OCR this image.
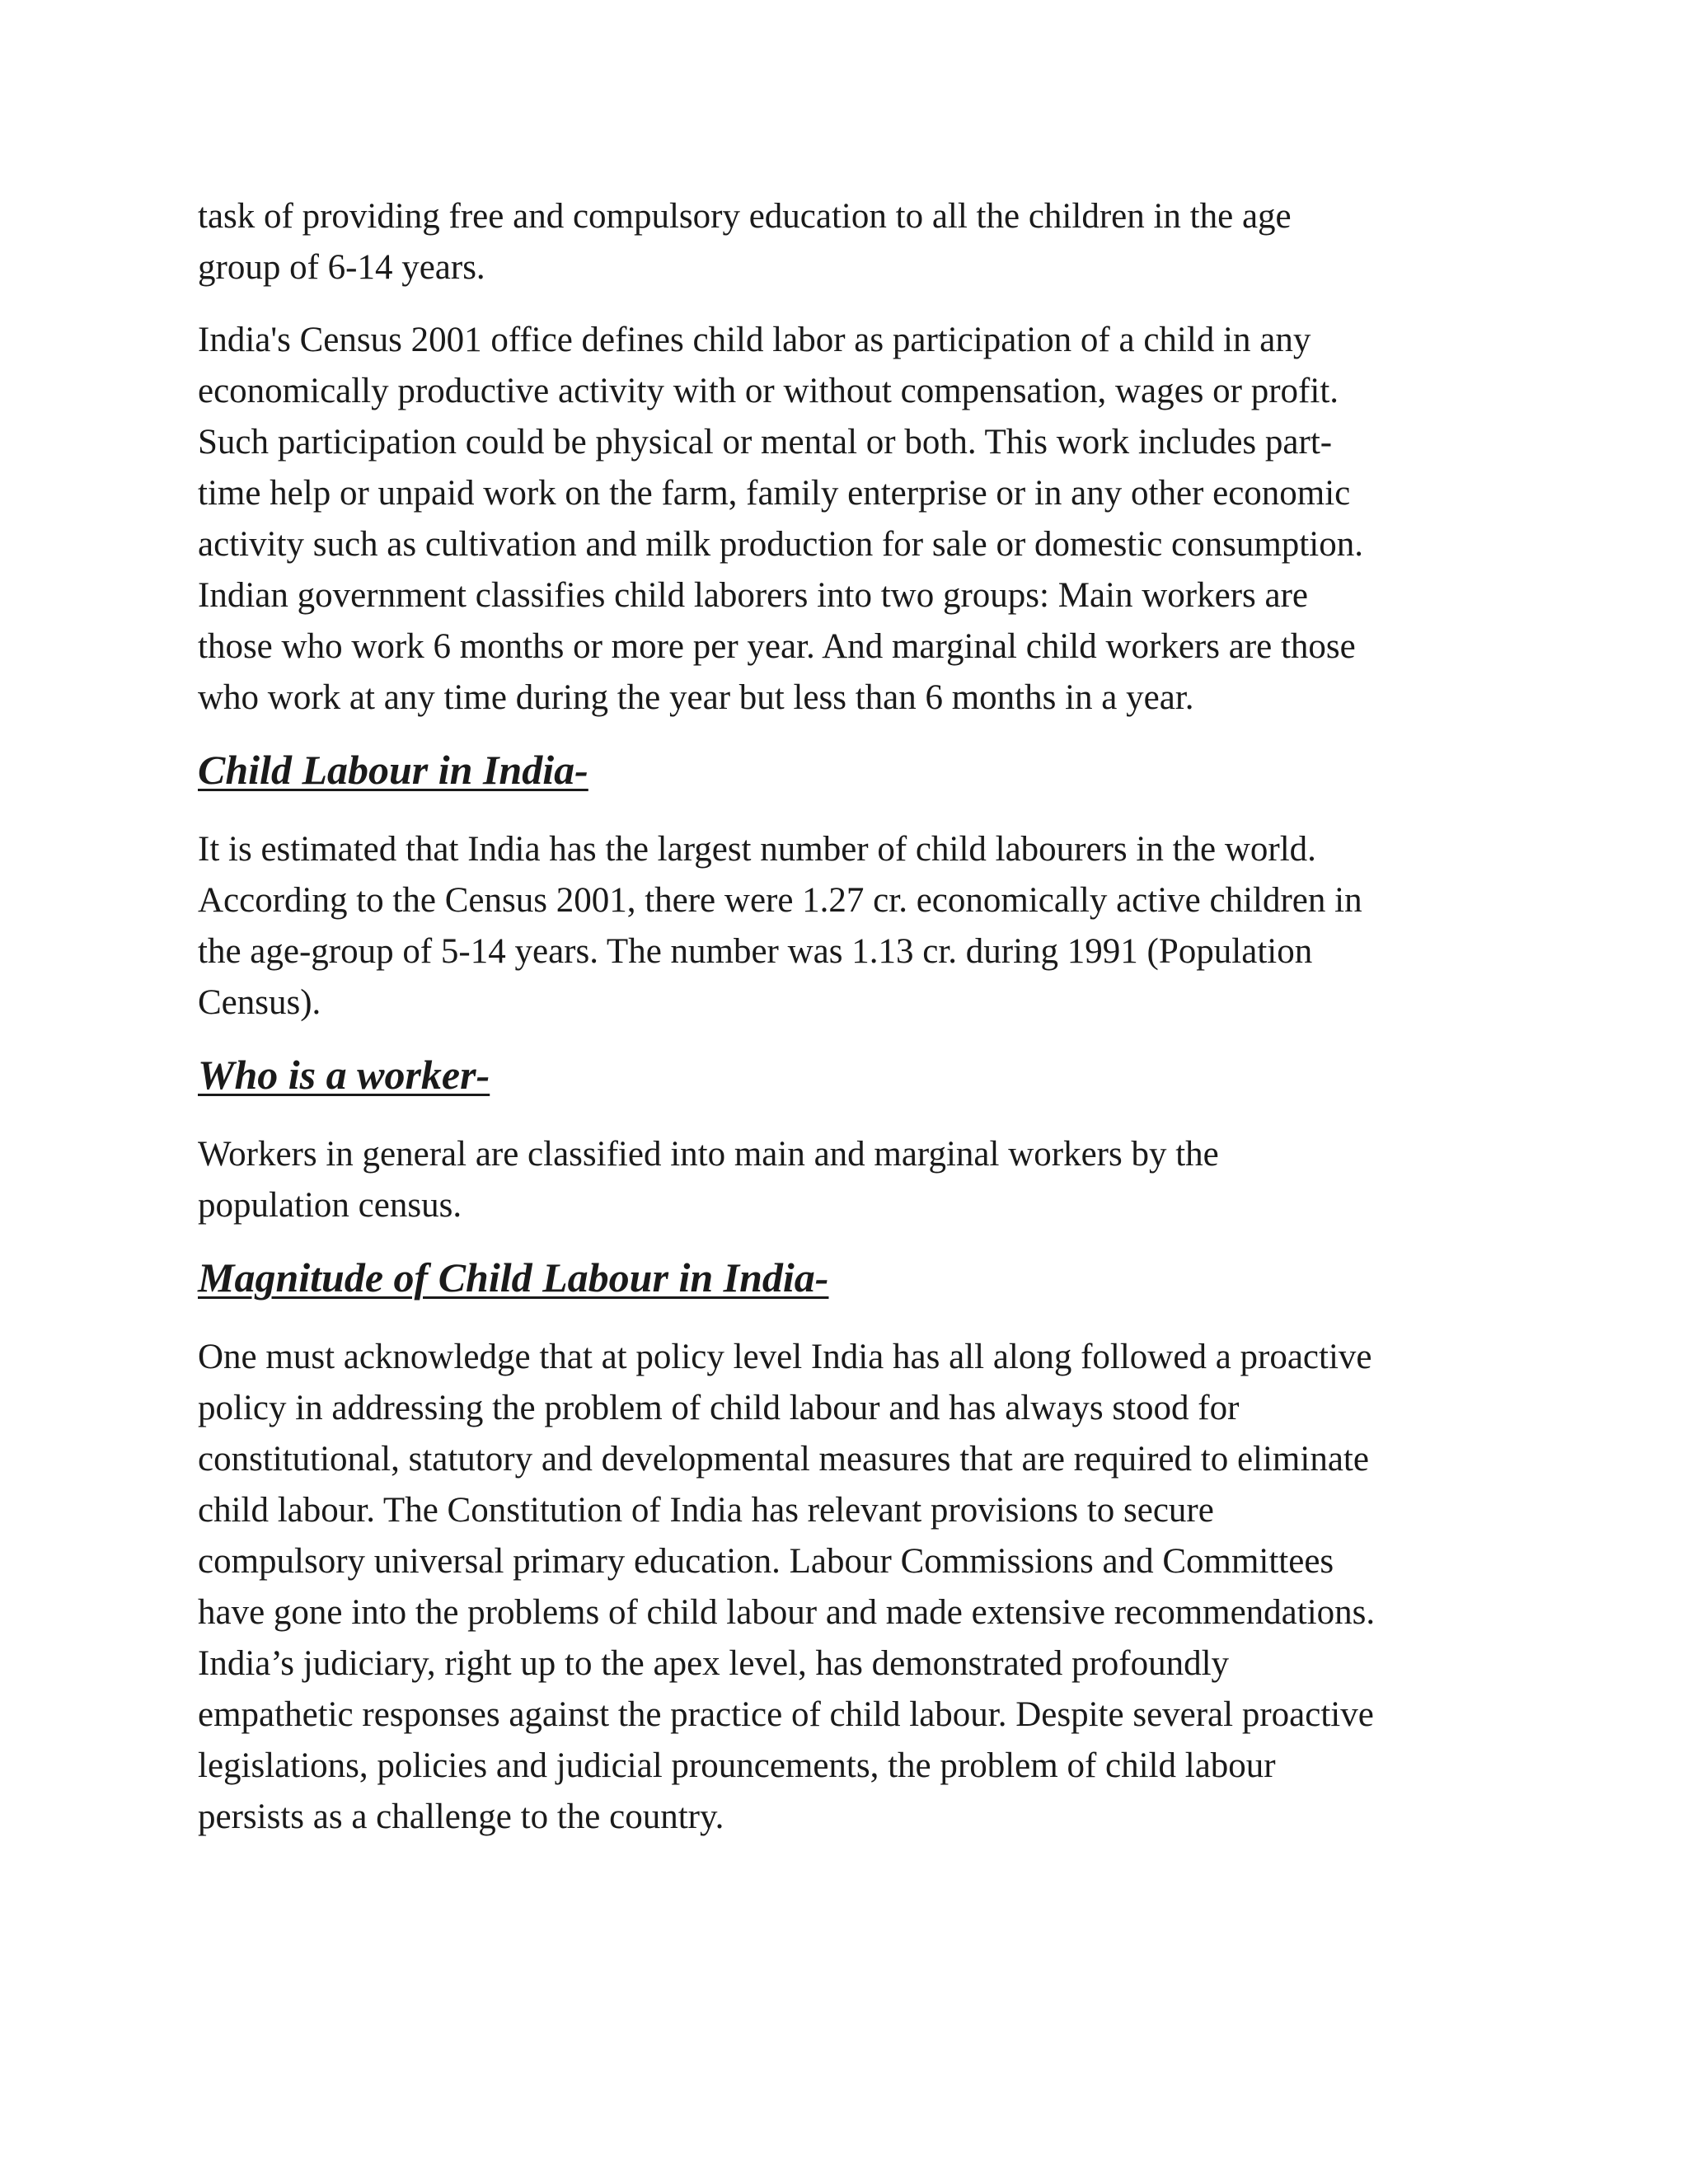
task of providing free and compulsory education to all the children in the age
group of 6-14 years.
India's Census 2001 office defines child labor as participation of a child in any
economically productive activity with or without compensation, wages or profit.
Such participation could be physical or mental or both. This work includes part-
time help or unpaid work on the farm, family enterprise or in any other economic
activity such as cultivation and milk production for sale or domestic consumption.
Indian government classifies child laborers into two groups: Main workers are
those who work 6 months or more per year. And marginal child workers are those
who work at any time during the year but less than 6 months in a year.
Child Labour in India-
It is estimated that India has the largest number of child labourers in the world.
According to the Census 2001, there were 1.27 cr. economically active children in
the age-group of 5-14 years. The number was 1.13 cr. during 1991 (Population
Census).
Who is a worker-
Workers in general are classified into main and marginal workers by the
population census.
Magnitude of Child Labour in India-
One must acknowledge that at policy level India has all along followed a proactive
policy in addressing the problem of child labour and has always stood for
constitutional, statutory and developmental measures that are required to eliminate
child labour. The Constitution of India has relevant provisions to secure
compulsory universal primary education. Labour Commissions and Committees
have gone into the problems of child labour and made extensive recommendations.
India’s judiciary, right up to the apex level, has demonstrated profoundly
empathetic responses against the practice of child labour. Despite several proactive
legislations, policies and judicial prouncements, the problem of child labour
persists as a challenge to the country.
